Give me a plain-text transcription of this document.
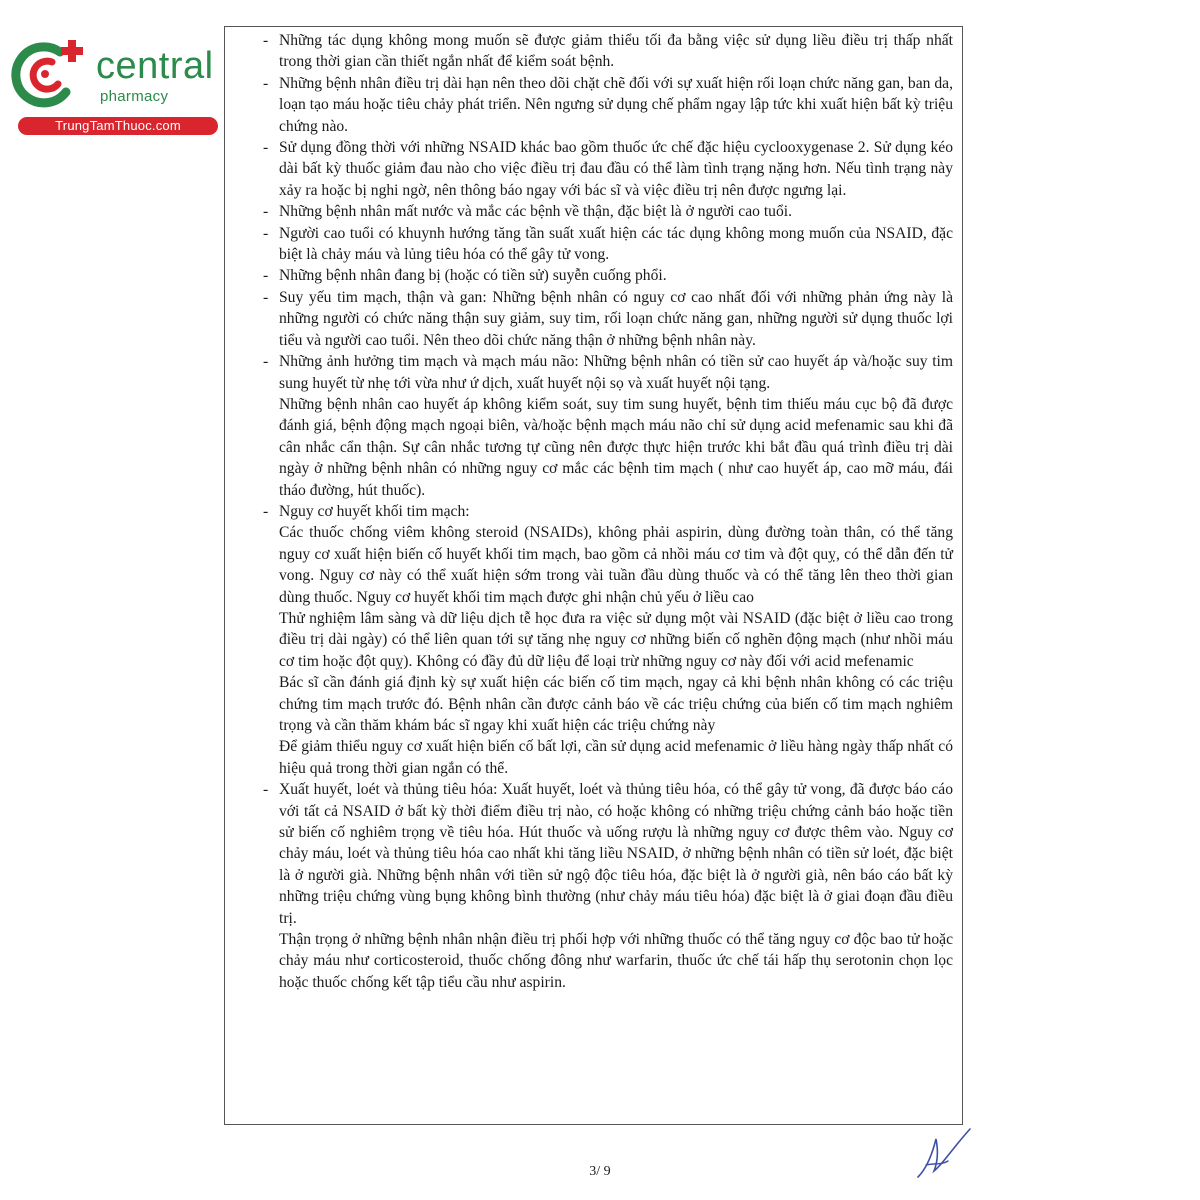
central
pharmacy
TrungTamThuoc.com
- Những tác dụng không mong muốn sẽ được giảm thiểu tối đa bằng việc sử dụng liều điều trị thấp nhất trong thời gian cần thiết ngắn nhất để kiểm soát bệnh.
- Những bệnh nhân điều trị dài hạn nên theo dõi chặt chẽ đối với sự xuất hiện rối loạn chức năng gan, ban da, loạn tạo máu hoặc tiêu chảy phát triển. Nên ngưng sử dụng chế phẩm ngay lập tức khi xuất hiện bất kỳ triệu chứng nào.
- Sử dụng đồng thời với những NSAID khác bao gồm thuốc ức chế đặc hiệu cyclooxygenase 2. Sử dụng kéo dài bất kỳ thuốc giảm đau nào cho việc điều trị đau đầu có thể làm tình trạng nặng hơn. Nếu tình trạng này xảy ra hoặc bị nghi ngờ, nên thông báo ngay với bác sĩ và việc điều trị nên được ngưng lại.
- Những bệnh nhân mất nước và mắc các bệnh về thận, đặc biệt là ở người cao tuổi.
- Người cao tuổi có khuynh hướng tăng tần suất xuất hiện các tác dụng không mong muốn của NSAID, đặc biệt là chảy máu và lủng tiêu hóa có thể gây tử vong.
- Những bệnh nhân đang bị (hoặc có tiền sử) suyễn cuống phổi.
- Suy yếu tim mạch, thận và gan: Những bệnh nhân có nguy cơ cao nhất đối với những phản ứng này là những người có chức năng thận suy giảm, suy tim, rối loạn chức năng gan, những người sử dụng thuốc lợi tiểu và người cao tuổi. Nên theo dõi chức năng thận ở những bệnh nhân này.
- Những ảnh hưởng tim mạch và mạch máu não: Những bệnh nhân có tiền sử cao huyết áp và/hoặc suy tim sung huyết từ nhẹ tới vừa như ứ dịch, xuất huyết nội sọ và xuất huyết nội tạng.
Những bệnh nhân cao huyết áp không kiểm soát, suy tim sung huyết, bệnh tim thiếu máu cục bộ đã được đánh giá, bệnh động mạch ngoại biên, và/hoặc bệnh mạch máu não chỉ sử dụng acid mefenamic sau khi đã cân nhắc cẩn thận. Sự cân nhắc tương tự cũng nên được thực hiện trước khi bắt đầu quá trình điều trị dài ngày ở những bệnh nhân có những nguy cơ mắc các bệnh tim mạch ( như cao huyết áp, cao mỡ máu, đái tháo đường, hút thuốc).
- Nguy cơ huyết khối tim mạch:
Các thuốc chống viêm không steroid (NSAIDs), không phải aspirin, dùng đường toàn thân, có thể tăng nguy cơ xuất hiện biến cố huyết khối tim mạch, bao gồm cả nhồi máu cơ tim và đột quỵ, có thể dẫn đến tử vong. Nguy cơ này có thể xuất hiện sớm trong vài tuần đầu dùng thuốc và có thể tăng lên theo thời gian dùng thuốc. Nguy cơ huyết khối tim mạch được ghi nhận chủ yếu ở liều cao
Thử nghiệm lâm sàng và dữ liệu dịch tễ học đưa ra việc sử dụng một vài NSAID (đặc biệt ở liều cao trong điều trị dài ngày) có thể liên quan tới sự tăng nhẹ nguy cơ những biến cố nghẽn động mạch (như nhồi máu cơ tim hoặc đột quỵ). Không có đầy đủ dữ liệu để loại trừ những nguy cơ này đối với acid mefenamic
Bác sĩ cần đánh giá định kỳ sự xuất hiện các biến cố tim mạch, ngay cả khi bệnh nhân không có các triệu chứng tim mạch trước đó. Bệnh nhân cần được cảnh báo về các triệu chứng của biến cố tim mạch nghiêm trọng và cần thăm khám bác sĩ ngay khi xuất hiện các triệu chứng này
Để giảm thiểu nguy cơ xuất hiện biến cố bất lợi, cần sử dụng acid mefenamic ở liều hàng ngày thấp nhất có hiệu quả trong thời gian ngắn có thể.
- Xuất huyết, loét và thủng tiêu hóa: Xuất huyết, loét và thủng tiêu hóa, có thể gây tử vong, đã được báo cáo với tất cả NSAID ở bất kỳ thời điểm điều trị nào, có hoặc không có những triệu chứng cảnh báo hoặc tiền sử biến cố nghiêm trọng về tiêu hóa. Hút thuốc và uống rượu là những nguy cơ được thêm vào. Nguy cơ chảy máu, loét và thủng tiêu hóa cao nhất khi tăng liều NSAID, ở những bệnh nhân có tiền sử loét, đặc biệt là ở người già. Những bệnh nhân với tiền sử ngộ độc tiêu hóa, đặc biệt là ở người già, nên báo cáo bất kỳ những triệu chứng vùng bụng không bình thường (như chảy máu tiêu hóa) đặc biệt là ở giai đoạn đầu điều trị.
Thận trọng ở những bệnh nhân nhận điều trị phối hợp với những thuốc có thể tăng nguy cơ độc bao tử hoặc chảy máu như corticosteroid, thuốc chống đông như warfarin, thuốc ức chế tái hấp thụ serotonin chọn lọc hoặc thuốc chống kết tập tiểu cầu như aspirin.
3/ 9
